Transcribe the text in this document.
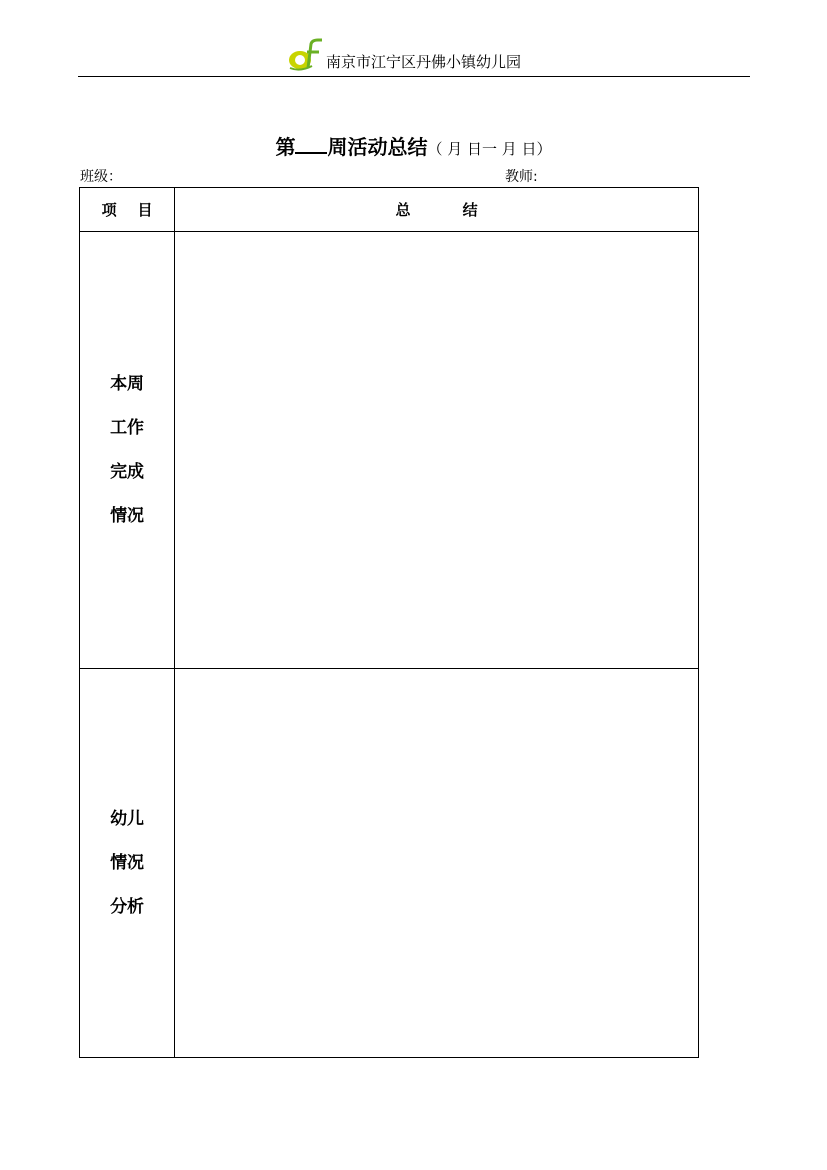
南京市江宁区丹佛小镇幼儿园
第 周活动总结（ 月 日一 月 日）
班级：	教师:
项    目	总          结

本周
工作
完成
情况	

幼儿
情况
分析	
